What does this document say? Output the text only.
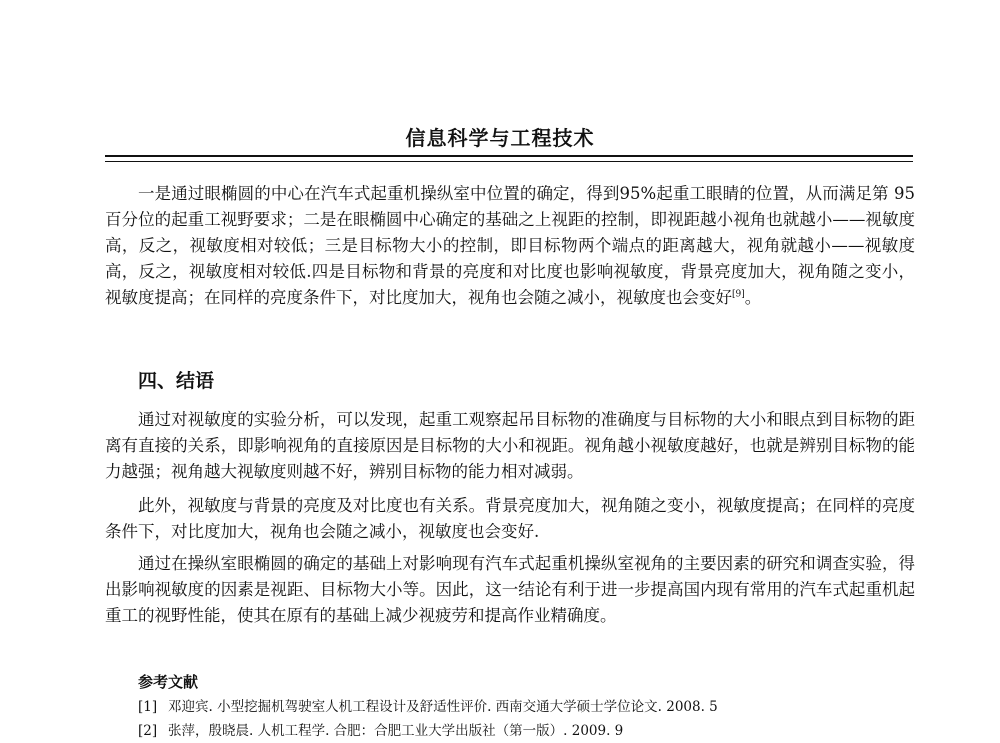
信息科学与工程技术

一是通过眼椭圆的中心在汽车式起重机操纵室中位置的确定，得到95%起重工眼睛的位置，从而满足第 95 百分位的起重工视野要求；二是在眼椭圆中心确定的基础之上视距的控制，即视距越小视角也就越小——视敏度高，反之，视敏度相对较低；三是目标物大小的控制，即目标物两个端点的距离越大，视角就越小——视敏度高，反之，视敏度相对较低.四是目标物和背景的亮度和对比度也影响视敏度，背景亮度加大，视角随之变小，视敏度提高；在同样的亮度条件下，对比度加大，视角也会随之减小，视敏度也会变好[9]。

四、结语

通过对视敏度的实验分析，可以发现，起重工观察起吊目标物的准确度与目标物的大小和眼点到目标物的距离有直接的关系，即影响视角的直接原因是目标物的大小和视距。视角越小视敏度越好，也就是辨别目标物的能力越强；视角越大视敏度则越不好，辨别目标物的能力相对减弱。

此外，视敏度与背景的亮度及对比度也有关系。背景亮度加大，视角随之变小，视敏度提高；在同样的亮度条件下，对比度加大，视角也会随之减小，视敏度也会变好.

通过在操纵室眼椭圆的确定的基础上对影响现有汽车式起重机操纵室视角的主要因素的研究和调查实验，得出影响视敏度的因素是视距、目标物大小等。因此，这一结论有利于进一步提高国内现有常用的汽车式起重机起重工的视野性能，使其在原有的基础上减少视疲劳和提高作业精确度。

参考文献
[1] 邓迎宾. 小型挖掘机驾驶室人机工程设计及舒适性评价. 西南交通大学硕士学位论文. 2008. 5
[2] 张萍，殷晓晨. 人机工程学. 合肥：合肥工业大学出版社（第一版）. 2009. 9
